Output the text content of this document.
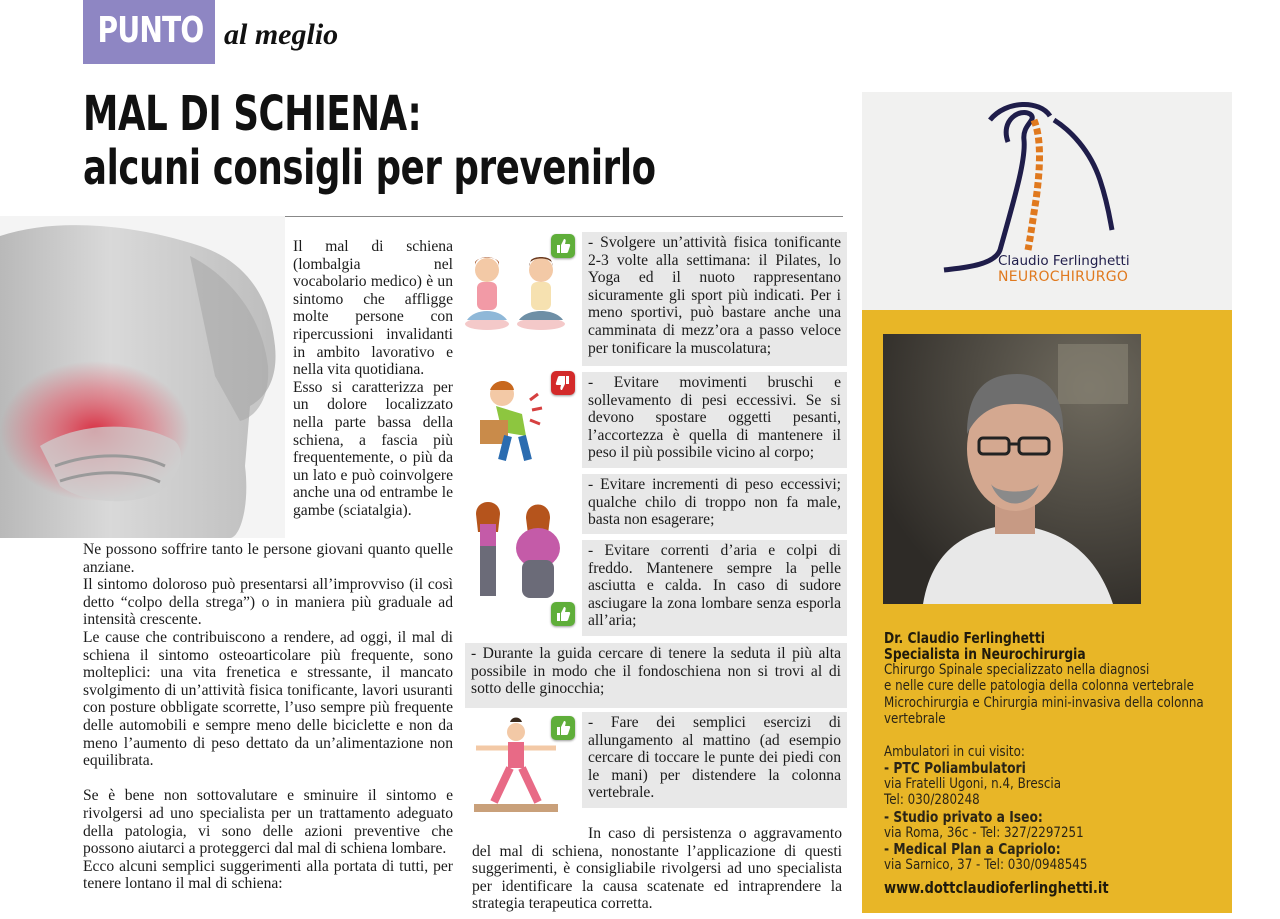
PUNTO al meglio
MAL DI SCHIENA:
alcuni consigli per prevenirlo

Il mal di schiena (lombalgia nel vocabolario medico) è un sintomo che affligge molte persone con ripercussioni invalidanti in ambito lavorativo e nella vita quotidiana.

Esso si caratterizza per un dolore localizzato nella parte bassa della schiena, a fascia più frequentemente, o più da un lato e può coinvolgere anche una od entrambe le gambe (sciatalgia).

Ne possono soffrire tanto le persone giovani quanto quelle anziane.

Il sintomo doloroso può presentarsi all’improvviso (il così detto “colpo della strega”) o in maniera più graduale ad intensità crescente.

Le cause che contribuiscono a rendere, ad oggi, il mal di schiena il sintomo osteoarticolare più frequente, sono molteplici: una vita frenetica e stressante, il mancato svolgimento di un’attività fisica tonificante, lavori usuranti con posture obbligate scorrette, l’uso sempre più frequente delle automobili e sempre meno delle biciclette e non da meno l’aumento di peso dettato da un’alimentazione non equilibrata.

Se è bene non sottovalutare e sminuire il sintomo e rivolgersi ad uno specialista per un trattamento adeguato della patologia, vi sono delle azioni preventive che possono aiutarci a proteggerci dal mal di schiena lombare.

Ecco alcuni semplici suggerimenti alla portata di tutti, per tenere lontano il mal di schiena:

- Svolgere un’attività fisica tonificante 2-3 volte alla settimana: il Pilates, lo Yoga ed il nuoto rappresentano sicuramente gli sport più indicati. Per i meno sportivi, può bastare anche una camminata di mezz’ora a passo veloce per tonificare la muscolatura;
- Evitare movimenti bruschi e sollevamento di pesi eccessivi. Se si devono spostare oggetti pesanti, l’accortezza è quella di mantenere il peso il più possibile vicino al corpo;
- Evitare incrementi di peso eccessivi; qualche chilo di troppo non fa male, basta non esagerare;
- Evitare correnti d’aria e colpi di freddo. Mantenere sempre la pelle asciutta e calda. In caso di sudore asciugare la zona lombare senza esporla all’aria;
- Durante la guida cercare di tenere la seduta il più alta possibile in modo che il fondoschiena non si trovi al di sotto delle ginocchia;
- Fare dei semplici esercizi di allungamento al mattino (ad esempio cercare di toccare le punte dei piedi con le mani) per distendere la colonna vertebrale.

In caso di persistenza o aggravamento del mal di schiena, nonostante l’applicazione di questi suggerimenti, è consigliabile rivolgersi ad uno specialista per identificare la causa scatenate ed intraprendere la strategia terapeutica corretta.

Claudio Ferlinghetti
NEUROCHIRURGO
Dr. Claudio Ferlinghetti
Specialista in Neurochirurgia
Chirurgo Spinale specializzato nella diagnosi
e nelle cure delle patologia della colonna vertebrale
Microchirurgia e Chirurgia mini-invasiva della colonna
vertebrale
Ambulatori in cui visito:
- PTC Poliambulatori
via Fratelli Ugoni, n.4, Brescia
Tel: 030/280248
- Studio privato a Iseo:
via Roma, 36c - Tel: 327/2297251
- Medical Plan a Capriolo:
via Sarnico, 37 - Tel: 030/0948545
www.dottclaudioferlinghetti.it
